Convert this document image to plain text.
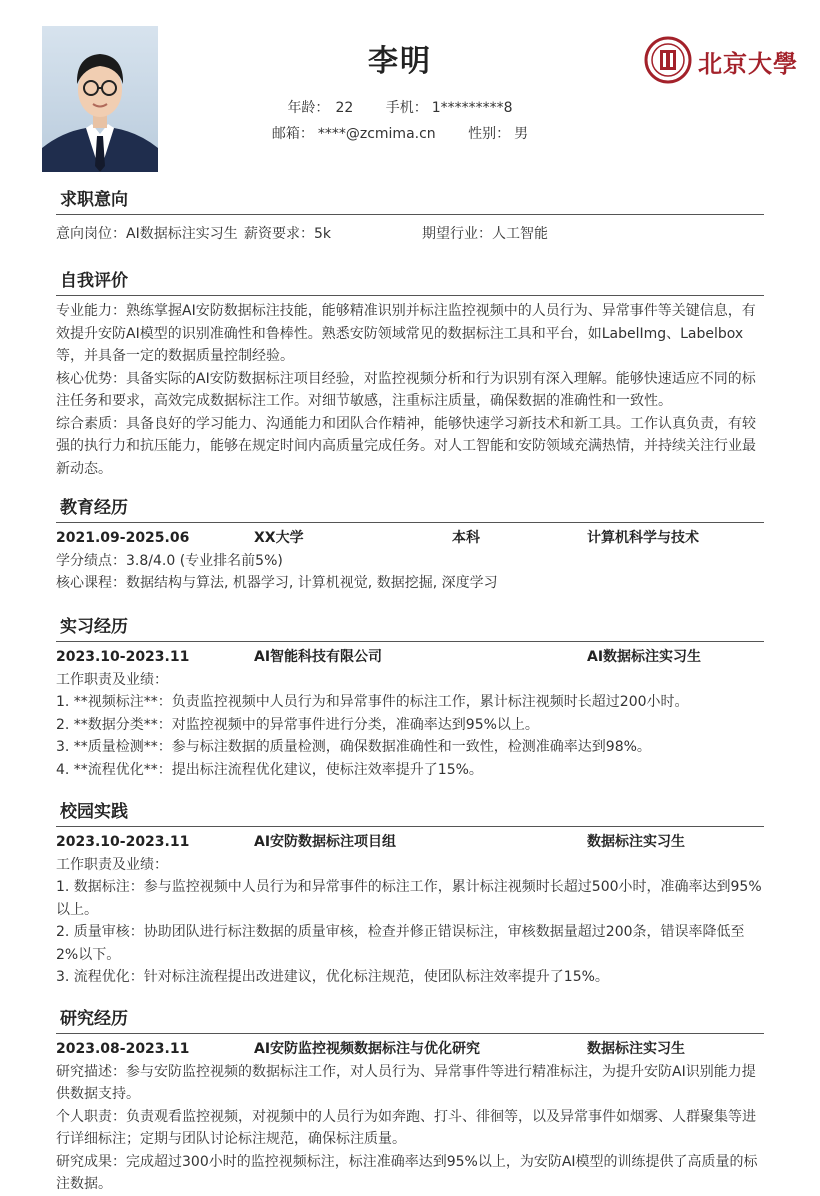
李明
年龄： 22 手机： 1*********8
邮箱： ****@zcmima.cn 性别： 男
北京大學
求职意向
意向岗位：AI数据标注实习生 薪资要求：5k	期望行业：人工智能
自我评价

专业能力：熟练掌握AI安防数据标注技能，能够精准识别并标注监控视频中的人员行为、异常事件等关键信息，有效提升安防AI模型的识别准确性和鲁棒性。熟悉安防领域常见的数据标注工具和平台，如LabelImg、Labelbox等，并具备一定的数据质量控制经验。

核心优势：具备实际的AI安防数据标注项目经验，对监控视频分析和行为识别有深入理解。能够快速适应不同的标注任务和要求，高效完成数据标注工作。对细节敏感，注重标注质量，确保数据的准确性和一致性。

综合素质：具备良好的学习能力、沟通能力和团队合作精神，能够快速学习新技术和新工具。工作认真负责，有较强的执行力和抗压能力，能够在规定时间内高质量完成任务。对人工智能和安防领域充满热情，并持续关注行业最新动态。

教育经历
2021.09-2025.06	XX大学	本科	计算机科学与技术

学分绩点：3.8/4.0 (专业排名前5%)

核心课程：数据结构与算法, 机器学习, 计算机视觉, 数据挖掘, 深度学习

实习经历
2023.10-2023.11	AI智能科技有限公司	AI数据标注实习生

工作职责及业绩：

1. **视频标注**：负责监控视频中人员行为和异常事件的标注工作，累计标注视频时长超过200小时。

2. **数据分类**：对监控视频中的异常事件进行分类，准确率达到95%以上。

3. **质量检测**：参与标注数据的质量检测，确保数据准确性和一致性，检测准确率达到98%。

4. **流程优化**：提出标注流程优化建议，使标注效率提升了15%。

校园实践
2023.10-2023.11	AI安防数据标注项目组	数据标注实习生

工作职责及业绩：

1. 数据标注：参与监控视频中人员行为和异常事件的标注工作，累计标注视频时长超过500小时，准确率达到95%以上。

2. 质量审核：协助团队进行标注数据的质量审核，检查并修正错误标注，审核数据量超过200条，错误率降低至2%以下。

3. 流程优化：针对标注流程提出改进建议，优化标注规范，使团队标注效率提升了15%。

研究经历
2023.08-2023.11	AI安防监控视频数据标注与优化研究	数据标注实习生

研究描述：参与安防监控视频的数据标注工作，对人员行为、异常事件等进行精准标注，为提升安防AI识别能力提供数据支持。

个人职责：负责观看监控视频，对视频中的人员行为如奔跑、打斗、徘徊等，以及异常事件如烟雾、人群聚集等进行详细标注；定期与团队讨论标注规范，确保标注质量。

研究成果：完成超过300小时的监控视频标注，标注准确率达到95%以上，为安防AI模型的训练提供了高质量的标注数据。
